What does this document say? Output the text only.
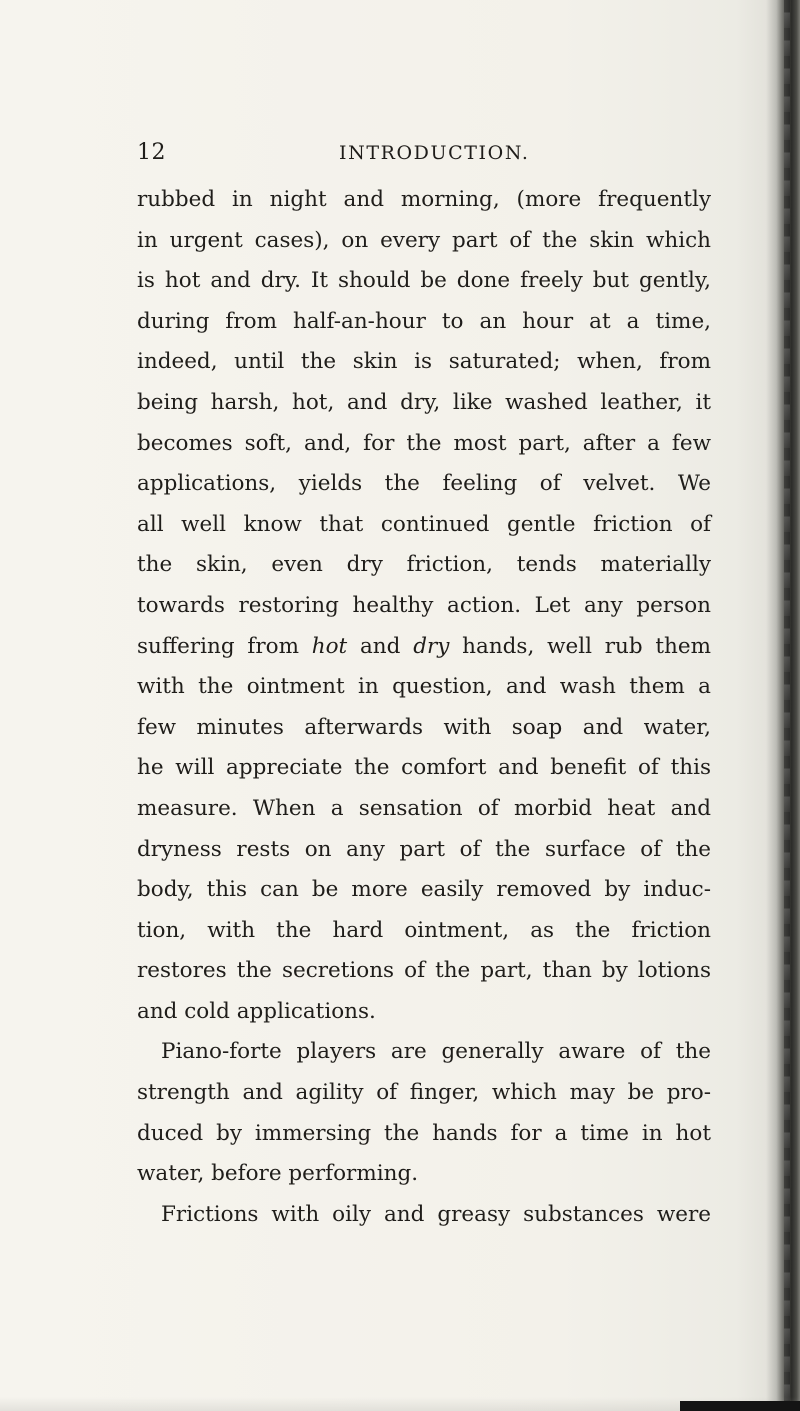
12	INTRODUCTION.
rubbed in night and morning, (more frequently
in urgent cases), on every part of the skin which
is hot and dry. It should be done freely but gently,
during from half-an-hour to an hour at a time,
indeed, until the skin is saturated; when, from
being harsh, hot, and dry, like washed leather, it
becomes soft, and, for the most part, after a few
applications, yields the feeling of velvet. We
all well know that continued gentle friction of
the skin, even dry friction, tends materially
towards restoring healthy action. Let any person
suffering from hot and dry hands, well rub them
with the ointment in question, and wash them a
few minutes afterwards with soap and water,
he will appreciate the comfort and benefit of this
measure. When a sensation of morbid heat and
dryness rests on any part of the surface of the
body, this can be more easily removed by induc-
tion, with the hard ointment, as the friction
restores the secretions of the part, than by lotions
and cold applications.
Piano-forte players are generally aware of the
strength and agility of finger, which may be pro-
duced by immersing the hands for a time in hot
water, before performing.
Frictions with oily and greasy substances were
